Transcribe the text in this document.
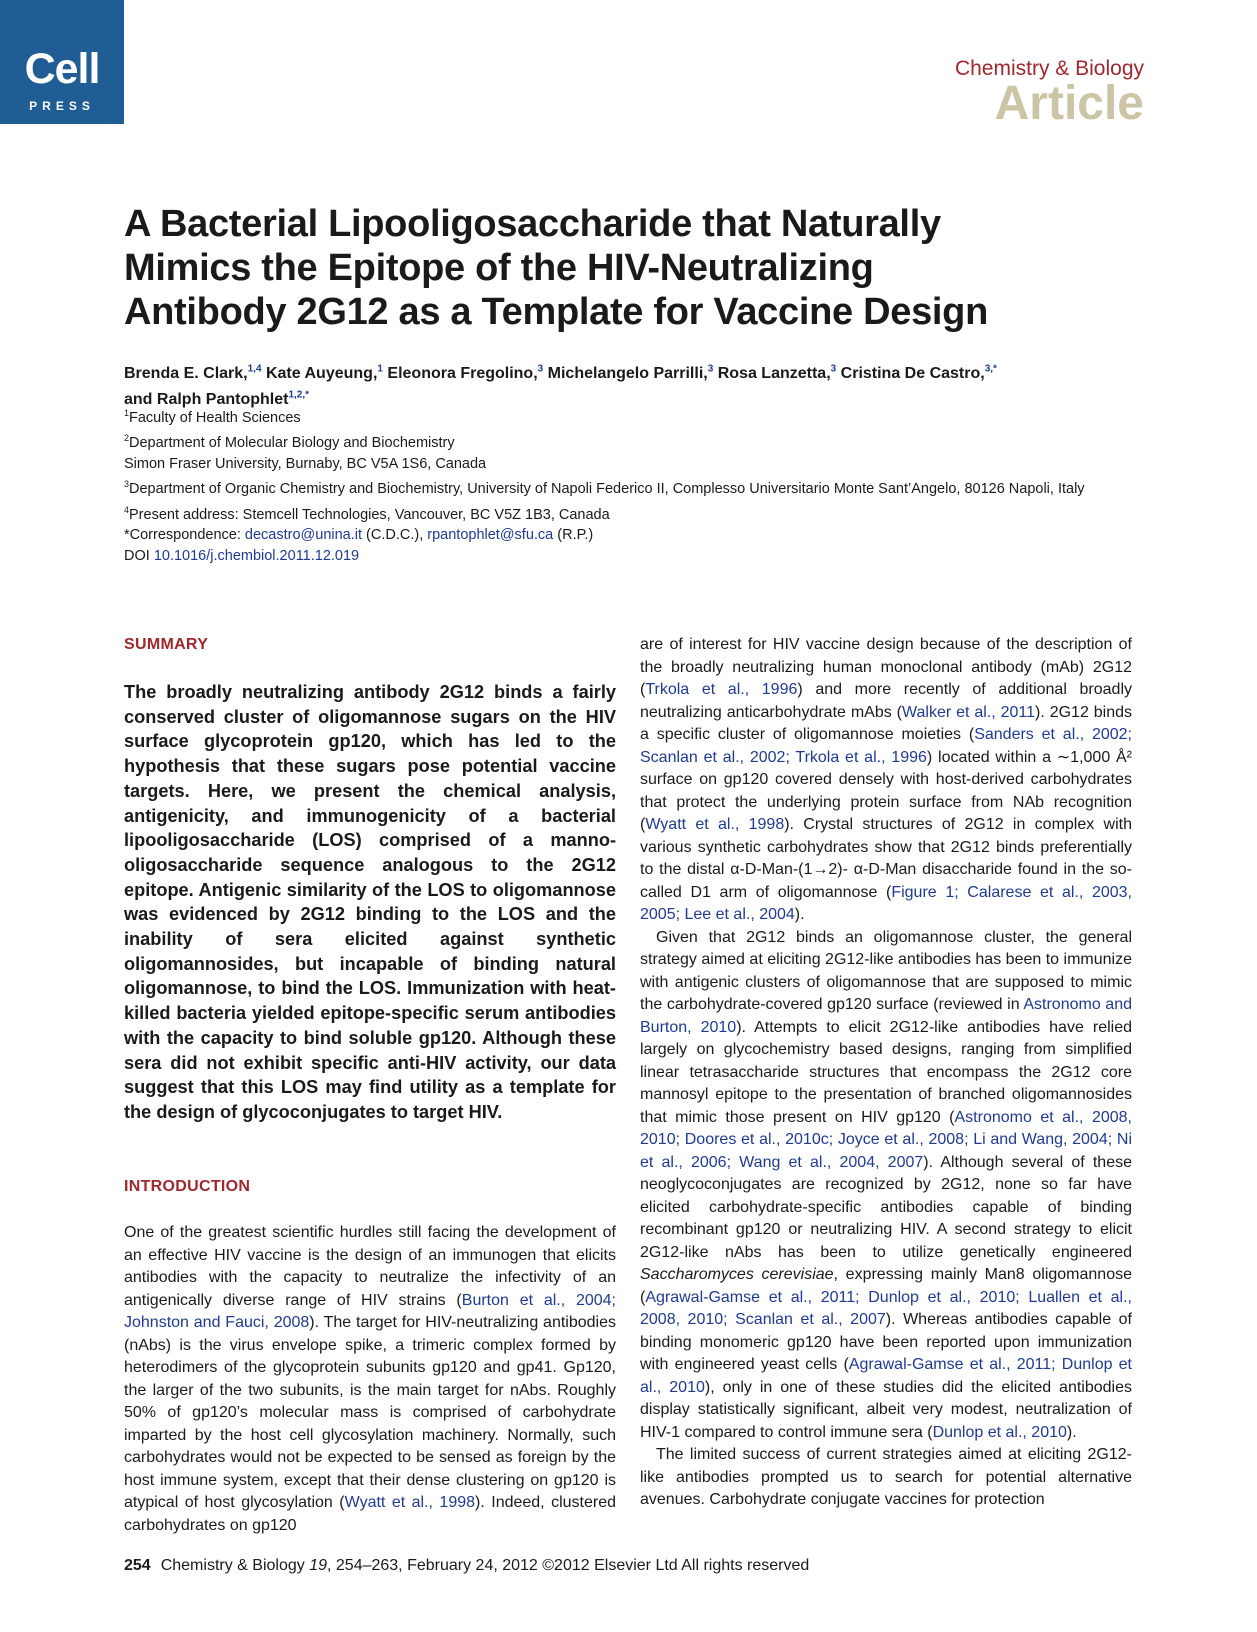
Cell
PRESS
Chemistry & Biology
Article
A Bacterial Lipooligosaccharide that Naturally
Mimics the Epitope of the HIV-Neutralizing
Antibody 2G12 as a Template for Vaccine Design
Brenda E. Clark,$^{1,4}$ Kate Auyeung,$^1$ Eleonora Fregolino,$^3$ Michelangelo Parrilli,$^3$ Rosa Lanzetta,$^3$ Cristina De Castro,$^{3,*}$
and Ralph Pantophlet$^{1,2,*}$
$^1$Faculty of Health Sciences
$^2$Department of Molecular Biology and Biochemistry
Simon Fraser University, Burnaby, BC V5A 1S6, Canada
$^3$Department of Organic Chemistry and Biochemistry, University of Napoli Federico II, Complesso Universitario Monte Sant’Angelo, 80126 Napoli, Italy
$^4$Present address: Stemcell Technologies, Vancouver, BC V5Z 1B3, Canada
*Correspondence: decastro@unina.it (C.D.C.), rpantophlet@sfu.ca (R.P.)
DOI 10.1016/j.chembiol.2011.12.019
SUMMARY

The broadly neutralizing antibody 2G12 binds a fairly conserved cluster of oligomannose sugars on the HIV surface glycoprotein gp120, which has led to the hypothesis that these sugars pose potential vaccine targets. Here, we present the chemical analysis, antigenicity, and immunogenicity of a bacterial lipooligosaccharide (LOS) comprised of a manno-oligosaccharide sequence analogous to the 2G12 epitope. Antigenic similarity of the LOS to oligomannose was evidenced by 2G12 binding to the LOS and the inability of sera elicited against synthetic oligomannosides, but incapable of binding natural oligomannose, to bind the LOS. Immunization with heat-killed bacteria yielded epitope-specific serum antibodies with the capacity to bind soluble gp120. Although these sera did not exhibit specific anti-HIV activity, our data suggest that this LOS may find utility as a template for the design of glycoconjugates to target HIV.

INTRODUCTION

One of the greatest scientific hurdles still facing the development of an effective HIV vaccine is the design of an immunogen that elicits antibodies with the capacity to neutralize the infectivity of an antigenically diverse range of HIV strains (Burton et al., 2004; Johnston and Fauci, 2008). The target for HIV-neutralizing antibodies (nAbs) is the virus envelope spike, a trimeric complex formed by heterodimers of the glycoprotein subunits gp120 and gp41. Gp120, the larger of the two subunits, is the main target for nAbs. Roughly 50% of gp120’s molecular mass is comprised of carbohydrate imparted by the host cell glycosylation machinery. Normally, such carbohydrates would not be expected to be sensed as foreign by the host immune system, except that their dense clustering on gp120 is atypical of host glycosylation (Wyatt et al., 1998). Indeed, clustered carbohydrates on gp120

are of interest for HIV vaccine design because of the description of the broadly neutralizing human monoclonal antibody (mAb) 2G12 (Trkola et al., 1996) and more recently of additional broadly neutralizing anticarbohydrate mAbs (Walker et al., 2011). 2G12 binds a specific cluster of oligomannose moieties (Sanders et al., 2002; Scanlan et al., 2002; Trkola et al., 1996) located within a ∼1,000 Å² surface on gp120 covered densely with host-derived carbohydrates that protect the underlying protein surface from NAb recognition (Wyatt et al., 1998). Crystal structures of 2G12 in complex with various synthetic carbohydrates show that 2G12 binds preferentially to the distal α-D-Man-(1→2)- α-D-Man disaccharide found in the so-called D1 arm of oligomannose (Figure 1; Calarese et al., 2003, 2005; Lee et al., 2004).

Given that 2G12 binds an oligomannose cluster, the general strategy aimed at eliciting 2G12-like antibodies has been to immunize with antigenic clusters of oligomannose that are supposed to mimic the carbohydrate-covered gp120 surface (reviewed in Astronomo and Burton, 2010). Attempts to elicit 2G12-like antibodies have relied largely on glycochemistry based designs, ranging from simplified linear tetrasaccharide structures that encompass the 2G12 core mannosyl epitope to the presentation of branched oligomannosides that mimic those present on HIV gp120 (Astronomo et al., 2008, 2010; Doores et al., 2010c; Joyce et al., 2008; Li and Wang, 2004; Ni et al., 2006; Wang et al., 2004, 2007). Although several of these neoglycoconjugates are recognized by 2G12, none so far have elicited carbohydrate-specific antibodies capable of binding recombinant gp120 or neutralizing HIV. A second strategy to elicit 2G12-like nAbs has been to utilize genetically engineered Saccharomyces cerevisiae, expressing mainly Man8 oligomannose (Agrawal-Gamse et al., 2011; Dunlop et al., 2010; Luallen et al., 2008, 2010; Scanlan et al., 2007). Whereas antibodies capable of binding monomeric gp120 have been reported upon immunization with engineered yeast cells (Agrawal-Gamse et al., 2011; Dunlop et al., 2010), only in one of these studies did the elicited antibodies display statistically significant, albeit very modest, neutralization of HIV-1 compared to control immune sera (Dunlop et al., 2010).

The limited success of current strategies aimed at eliciting 2G12-like antibodies prompted us to search for potential alternative avenues. Carbohydrate conjugate vaccines for protection

254 Chemistry & Biology 19, 254–263, February 24, 2012 ©2012 Elsevier Ltd All rights reserved
